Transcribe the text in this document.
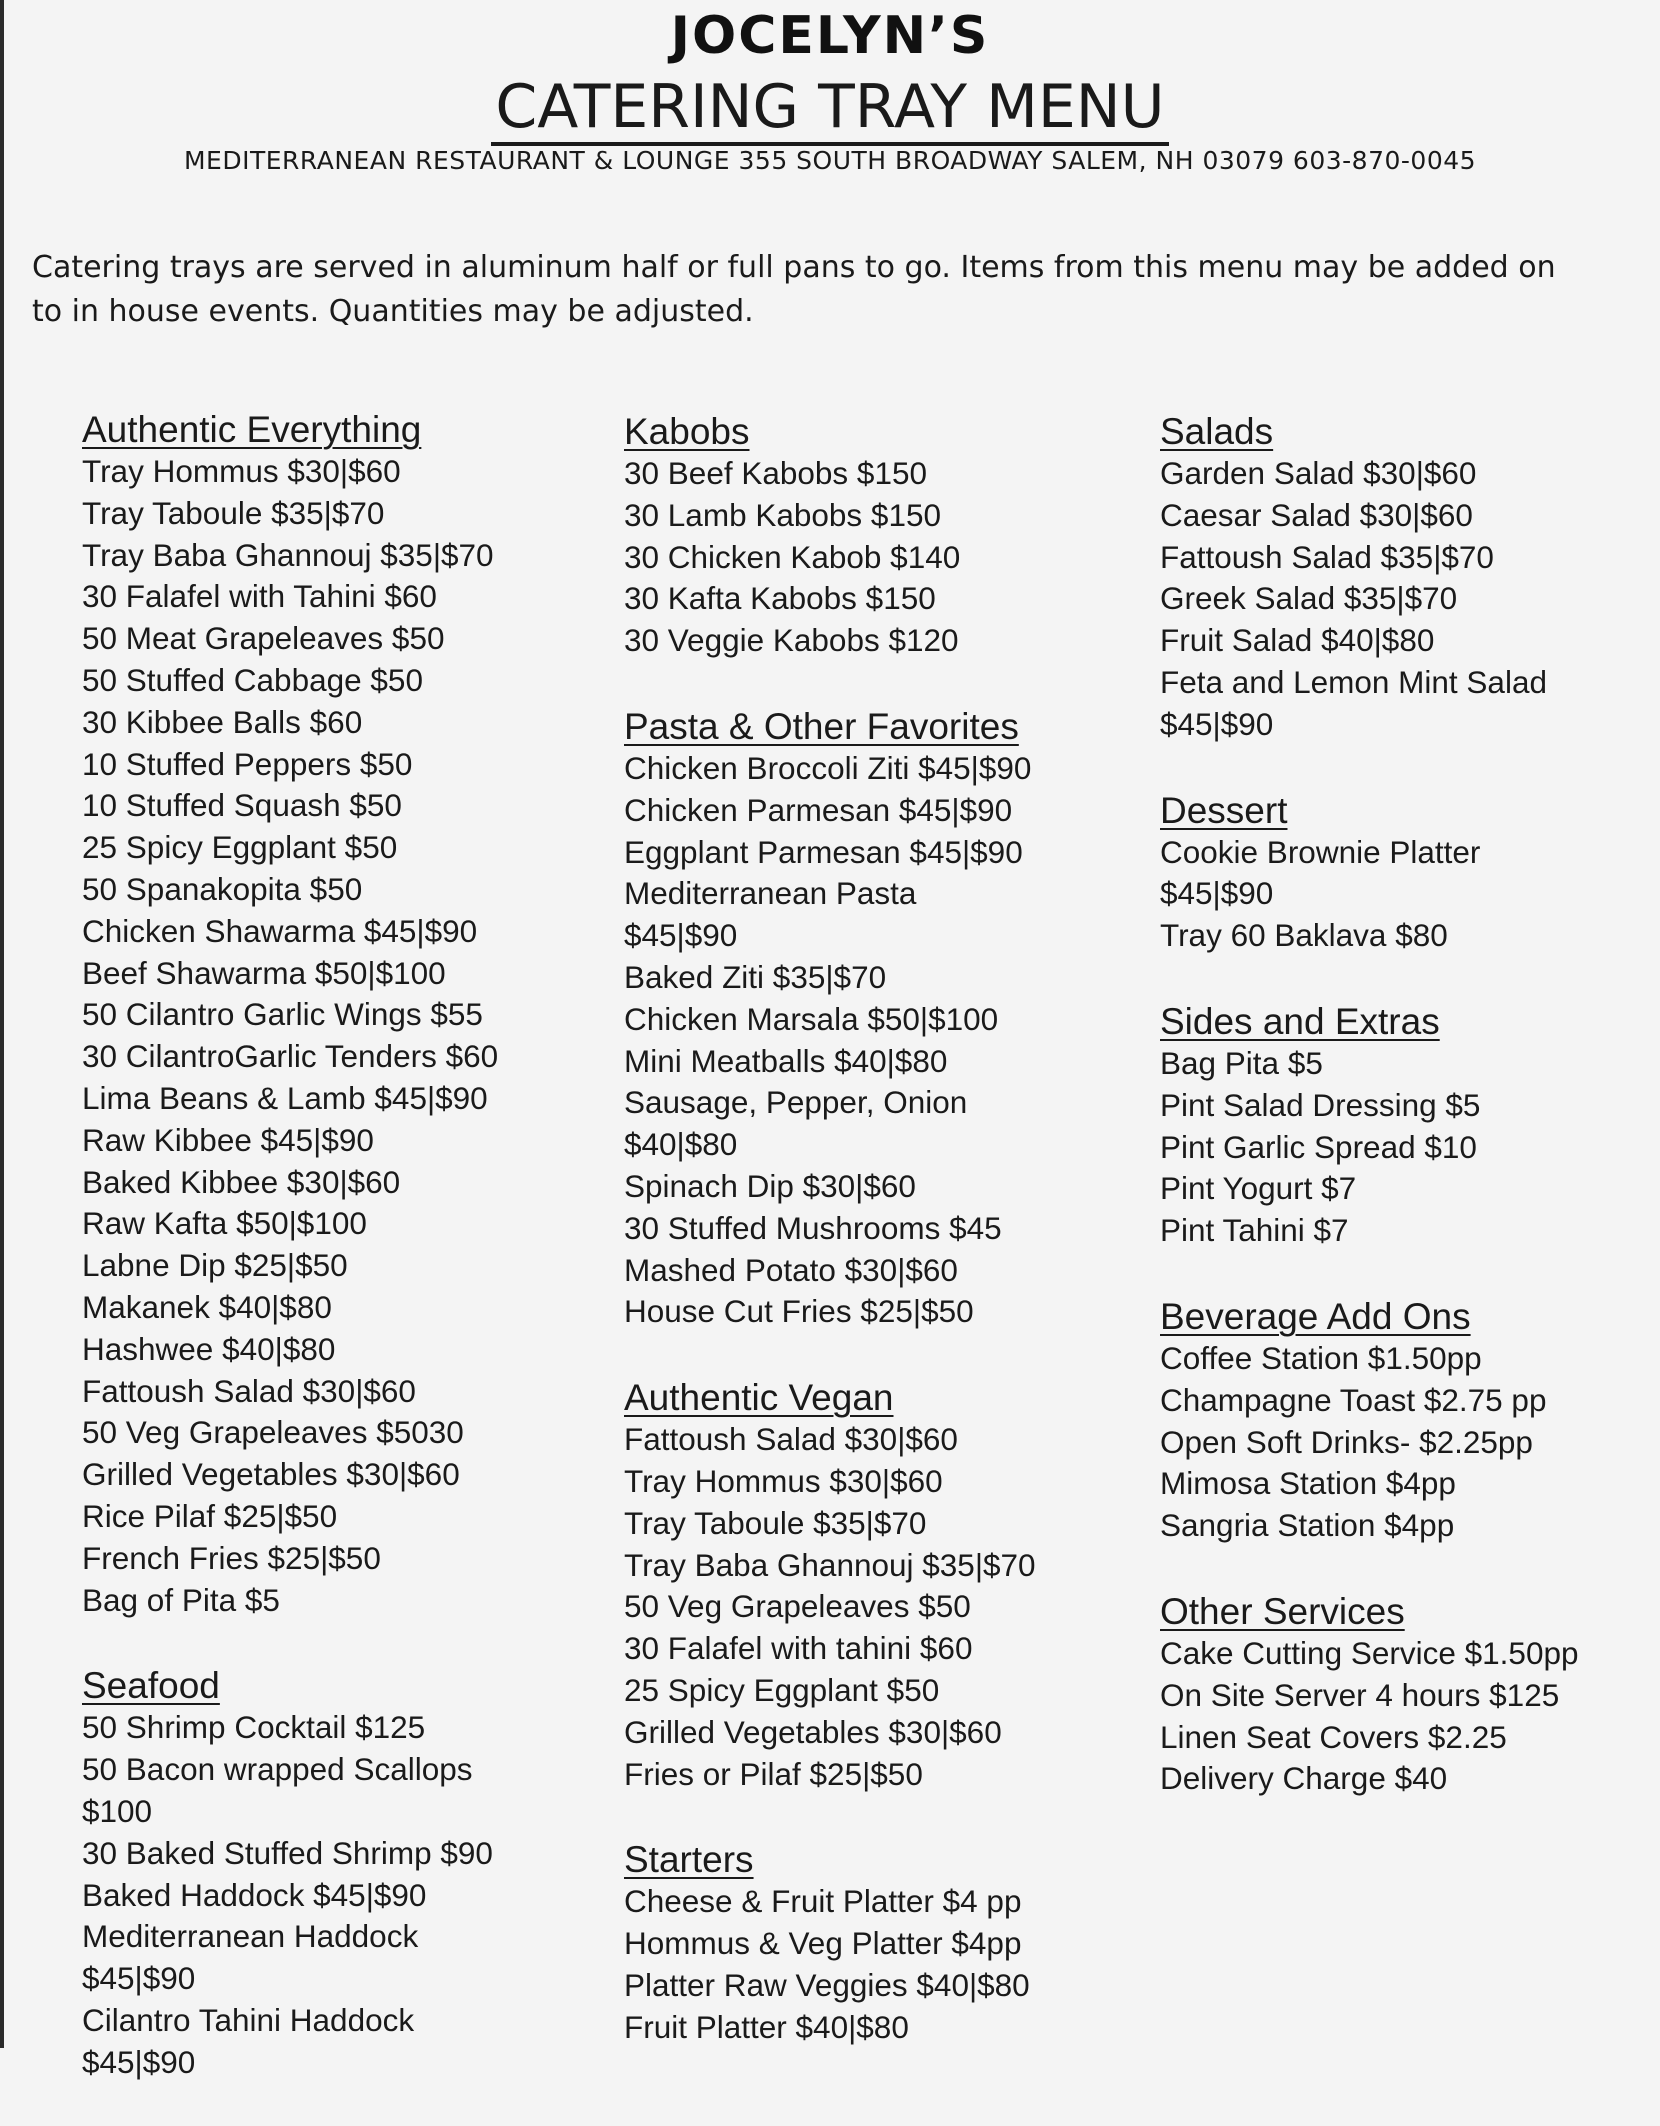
JOCELYN’S
CATERING TRAY MENU
MEDITERRANEAN RESTAURANT & LOUNGE 355 SOUTH BROADWAY SALEM, NH 03079 603-870-0045
Catering trays are served in aluminum half or full pans to go. Items from this menu may be added on
to in house events. Quantities may be adjusted.
Authentic Everything
Tray Hommus $30|$60
Tray Taboule $35|$70
Tray Baba Ghannouj $35|$70
30 Falafel with Tahini $60
50 Meat Grapeleaves $50
50 Stuffed Cabbage $50
30 Kibbee Balls $60
10 Stuffed Peppers $50
10 Stuffed Squash $50
25 Spicy Eggplant $50
50 Spanakopita $50
Chicken Shawarma $45|$90
Beef Shawarma $50|$100
50 Cilantro Garlic Wings $55
30 CilantroGarlic Tenders $60
Lima Beans & Lamb $45|$90
Raw Kibbee $45|$90
Baked Kibbee $30|$60
Raw Kafta $50|$100
Labne Dip $25|$50
Makanek $40|$80
Hashwee $40|$80
Fattoush Salad $30|$60
50 Veg Grapeleaves $5030
Grilled Vegetables $30|$60
Rice Pilaf $25|$50
French Fries $25|$50
Bag of Pita $5
Seafood
50 Shrimp Cocktail $125
50 Bacon wrapped Scallops
$100
30 Baked Stuffed Shrimp $90
Baked Haddock $45|$90
Mediterranean Haddock
$45|$90
Cilantro Tahini Haddock
$45|$90
Kabobs
30 Beef Kabobs $150
30 Lamb Kabobs $150
30 Chicken Kabob $140
30 Kafta Kabobs $150
30 Veggie Kabobs $120
Pasta & Other Favorites
Chicken Broccoli Ziti $45|$90
Chicken Parmesan $45|$90
Eggplant Parmesan $45|$90
Mediterranean Pasta
$45|$90
Baked Ziti $35|$70
Chicken Marsala $50|$100
Mini Meatballs $40|$80
Sausage, Pepper, Onion
$40|$80
Spinach Dip $30|$60
30 Stuffed Mushrooms $45
Mashed Potato $30|$60
House Cut Fries $25|$50
Authentic Vegan
Fattoush Salad $30|$60
Tray Hommus $30|$60
Tray Taboule $35|$70
Tray Baba Ghannouj $35|$70
50 Veg Grapeleaves $50
30 Falafel with tahini $60
25 Spicy Eggplant $50
Grilled Vegetables $30|$60
Fries or Pilaf $25|$50
Starters
Cheese & Fruit Platter $4 pp
Hommus & Veg Platter $4pp
Platter Raw Veggies $40|$80
Fruit Platter $40|$80
Salads
Garden Salad $30|$60
Caesar Salad $30|$60
Fattoush Salad $35|$70
Greek Salad $35|$70
Fruit Salad $40|$80
Feta and Lemon Mint Salad
$45|$90
Dessert
Cookie Brownie Platter
$45|$90
Tray 60 Baklava $80
Sides and Extras
Bag Pita $5
Pint Salad Dressing $5
Pint Garlic Spread $10
Pint Yogurt $7
Pint Tahini $7
Beverage Add Ons
Coffee Station $1.50pp
Champagne Toast $2.75 pp
Open Soft Drinks- $2.25pp
Mimosa Station $4pp
Sangria Station $4pp
Other Services
Cake Cutting Service $1.50pp
On Site Server 4 hours $125
Linen Seat Covers $2.25
Delivery Charge $40
